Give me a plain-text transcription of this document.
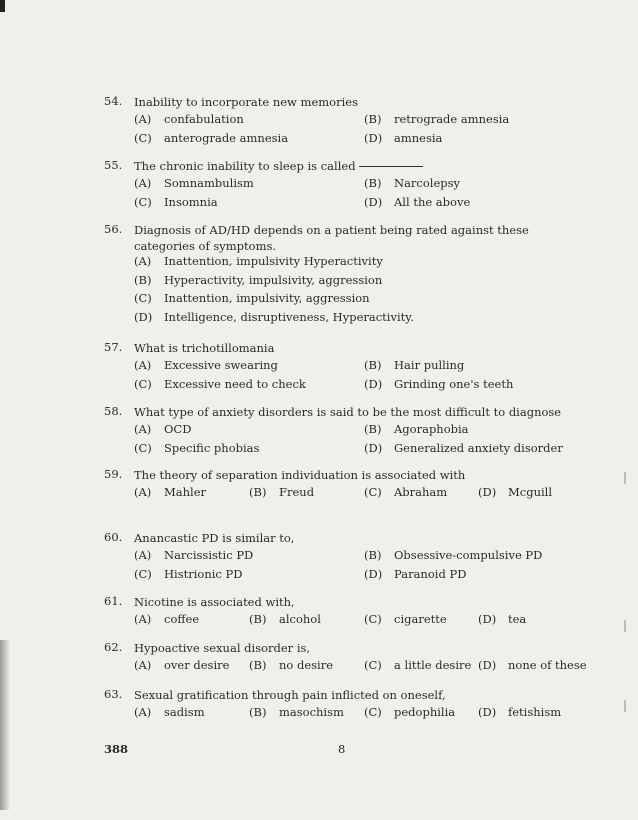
54. Inability to incorporate new memories
(A) confabulation	(B) retrograde amnesia
(C) anterograde amnesia	(D) amnesia
55. The chronic inability to sleep is called
(A) Somnambulism	(B) Narcolepsy
(C) Insomnia	(D) All the above
56. Diagnosis of AD/HD depends on a patient being rated against these categories of symptoms.
(A) Inattention, impulsivity Hyperactivity
(B) Hyperactivity, impulsivity, aggression
(C) Inattention, impulsivity, aggression
(D) Intelligence, disruptiveness, Hyperactivity.
57. What is trichotillomania
(A) Excessive swearing	(B) Hair pulling
(C) Excessive need to check	(D) Grinding one's teeth
58. What type of anxiety disorders is said to be the most difficult to diagnose
(A) OCD	(B) Agoraphobia
(C) Specific phobias	(D) Generalized anxiety disorder
59. The theory of separation individuation is associated with
(A) Mahler	(B) Freud	(C) Abraham	(D) Mcguill
60. Anancastic PD is similar to,
(A) Narcissistic PD	(B) Obsessive-compulsive PD
(C) Histrionic PD	(D) Paranoid PD
61. Nicotine is associated with,
(A) coffee	(B) alcohol	(C) cigarette	(D) tea
62. Hypoactive sexual disorder is,
(A) over desire (B) no desire	(C) a little desire (D) none of these
63. Sexual gratification through pain inflicted on oneself,
(A) sadism	(B) masochism (C) pedophilia (D) fetishism
388	8
